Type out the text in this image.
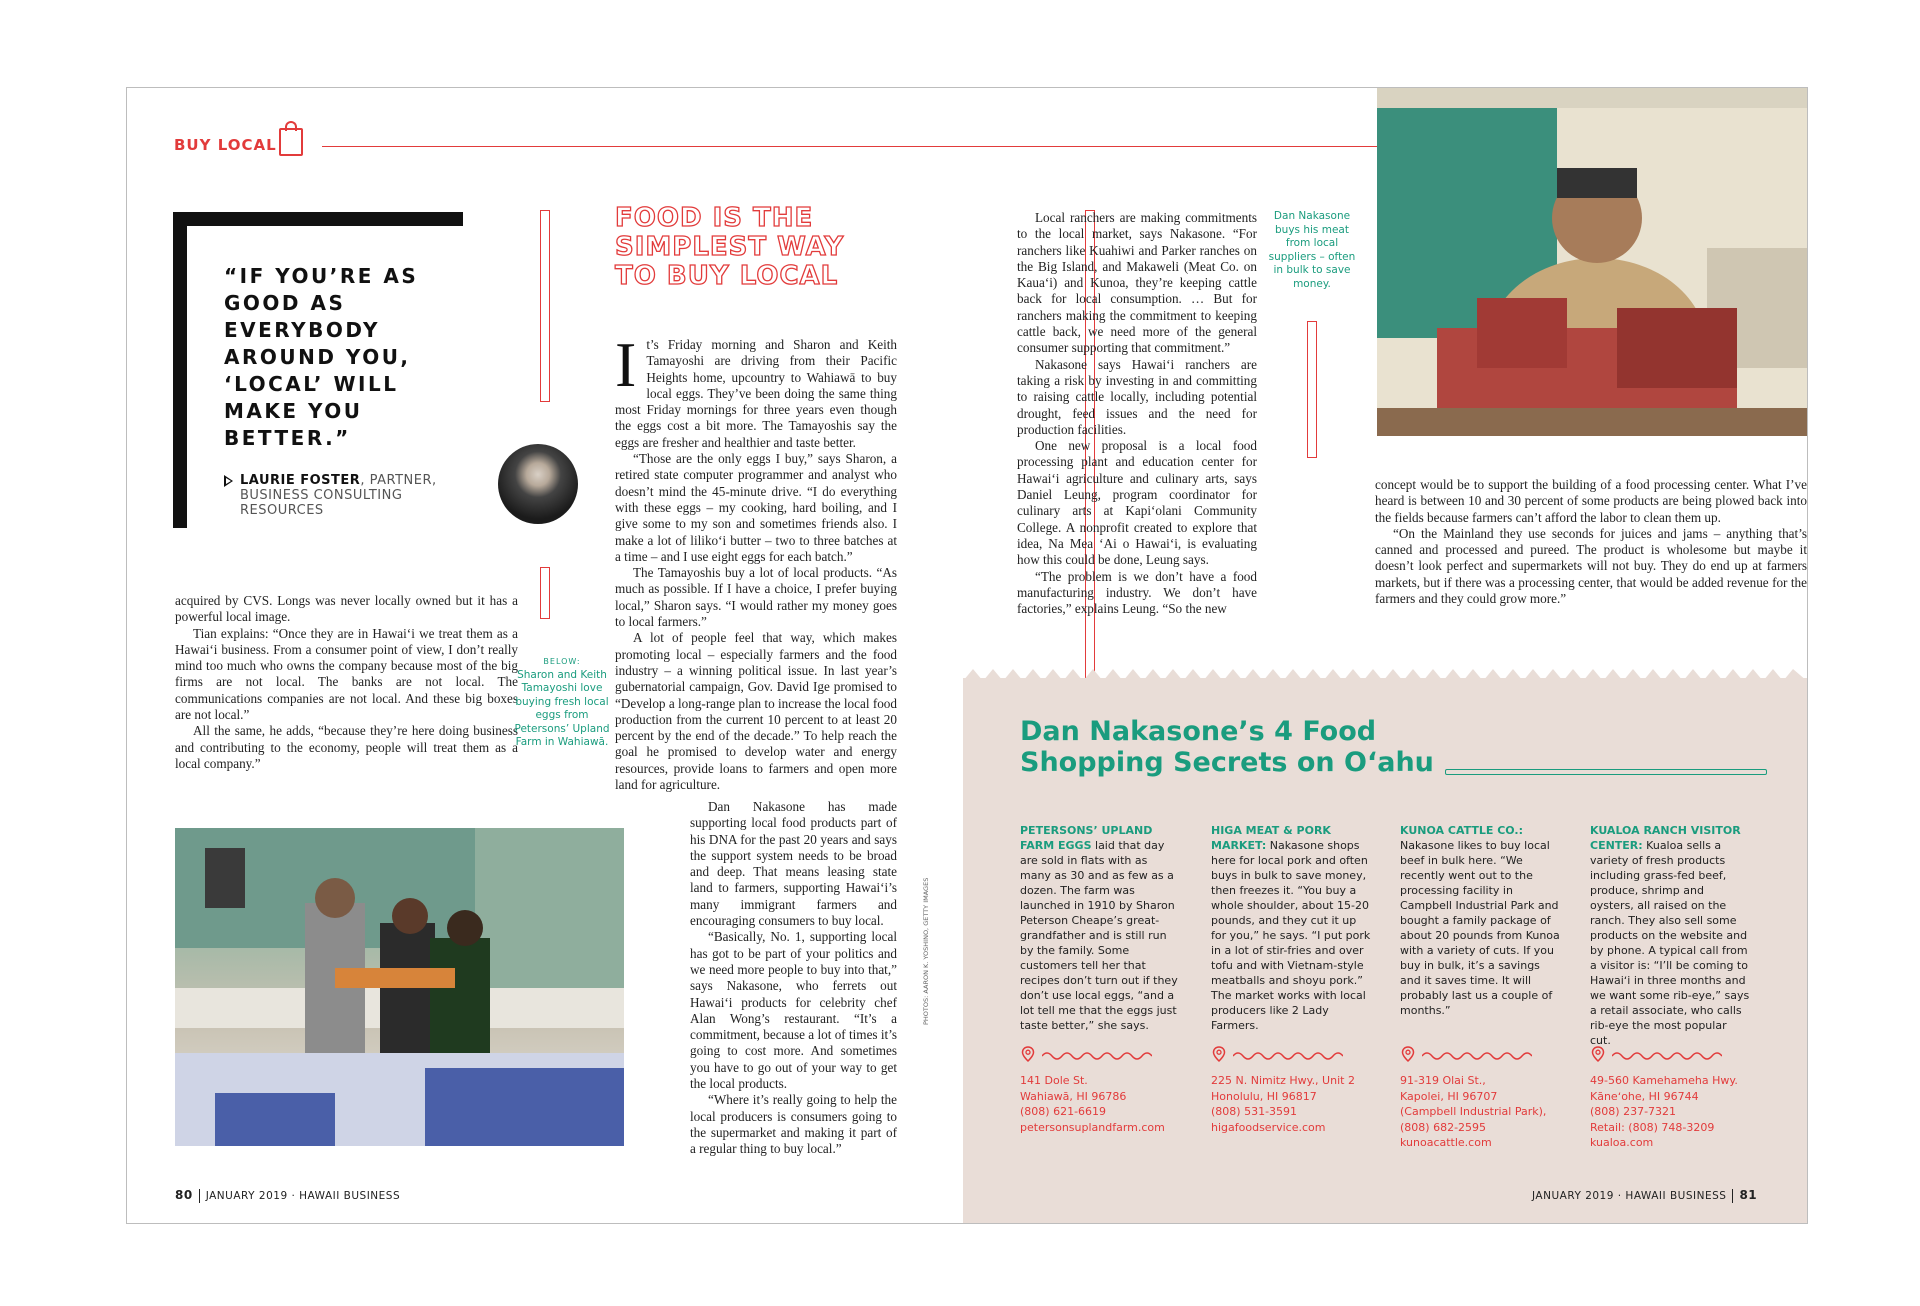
BUY LOCAL
“IF YOU’RE AS GOOD AS EVERYBODY AROUND YOU, ‘LOCAL’ WILL MAKE YOU BETTER.”
LAURIE FOSTER, PARTNER, BUSINESS CONSULTING RESOURCES
FOOD IS THE SIMPLEST WAY TO BUY LOCAL

acquired by CVS. Longs was never locally owned but it has a powerful local image.

Tian explains: “Once they are in Hawaiʻi we treat them as a Hawaiʻi business. From a consumer point of view, I don’t really mind too much who owns the company because most of the big firms are not local. The banks are not local. The communications companies are not local. And these big boxes are not local.”

All the same, he adds, “because they’re here doing business and contributing to the economy, people will treat them as a local company.”

BELOW:
Sharon and Keith Tamayoshi love buying fresh local eggs from Petersons’ Upland Farm in Wahiawā.
I t’s Friday morning and Sharon and Keith Tamayoshi are driving from their Pacific Heights home, upcountry to Wahiawā to buy local eggs. They’ve been doing the same thing most Friday mornings for three years even though the eggs cost a bit more. The Tamayoshis say the eggs are fresher and healthier and taste better.

“Those are the only eggs I buy,” says Sharon, a retired state computer programmer and analyst who doesn’t mind the 45-minute drive. “I do everything with these eggs – my cooking, hard boiling, and I give some to my son and sometimes friends also. I make a lot of lilikoʻi butter – two to three batches at a time – and I use eight eggs for each batch.”

The Tamayoshis buy a lot of local products. “As much as possible. If I have a choice, I prefer buying local,” Sharon says. “I would rather my money goes to local farmers.”

A lot of people feel that way, which makes promoting local – especially farmers and the food industry – a winning political issue. In last year’s gubernatorial campaign, Gov. David Ige promised to “Develop a long-range plan to increase the local food production from the current 10 percent to at least 20 percent by the end of the decade.” To help reach the goal he promised to develop water and energy resources, provide loans to farmers and open more land for agriculture.

Dan Nakasone has made supporting local food products part of his DNA for the past 20 years and says the support system needs to be broad and deep. That means leasing state land to farmers, supporting Hawaiʻi’s many immigrant farmers and encouraging consumers to buy local.

“Basically, No. 1, supporting local has got to be part of your politics and we need more people to buy into that,” says Nakasone, who ferrets out Hawaiʻi products for celebrity chef Alan Wong’s restaurant. “It’s a commitment, because a lot of times it’s going to cost more. And sometimes you have to go out of your way to get the local products.

“Where it’s really going to help the local producers is consumers going to the supermarket and making it part of a regular thing to buy local.”

PHOTOS: AARON K. YOSHINO, GETTY IMAGES

Local ranchers are making commitments to the local market, says Nakasone. “For ranchers like Kuahiwi and Parker ranches on the Big Island, and Makaweli (Meat Co. on Kauaʻi) and Kunoa, they’re keeping cattle back for local consumption. … But for ranchers making the commitment to keeping cattle back, we need more of the general consumer supporting that commitment.”

Nakasone says Hawaiʻi ranchers are taking a risk by investing in and committing to raising cattle locally, including potential drought, feed issues and the need for production facilities.

One new proposal is a local food processing plant and education center for Hawaiʻi agriculture and culinary arts, says Daniel Leung, program coordinator for culinary arts at Kapiʻolani Community College. A nonprofit created to explore that idea, Na Mea ʻAi o Hawaiʻi, is evaluating how this could be done, Leung says.

“The problem is we don’t have a food manufacturing industry. We don’t have factories,” explains Leung. “So the new

Dan Nakasone buys his meat from local suppliers – often in bulk to save money.

concept would be to support the building of a food processing center. What I’ve heard is between 10 and 30 percent of some products are being plowed back into the fields because farmers can’t afford the labor to clean them up.

“On the Mainland they use seconds for juices and jams – anything that’s canned and processed and pureed. The product is wholesome but maybe it doesn’t look perfect and supermarkets will not buy. They do end up at farmers markets, but if there was a processing center, that would be added revenue for the farmers and they could grow more.”

Dan Nakasone’s 4 Food
Shopping Secrets on Oʻahu
PETERSONS’ UPLAND FARM EGGS laid that day are sold in flats with as many as 30 and as few as a dozen. The farm was launched in 1910 by Sharon Peterson Cheape’s great-grandfather and is still run by the family. Some customers tell her that recipes don’t turn out if they don’t use local eggs, “and a lot tell me that the eggs just taste better,” she says.
HIGA MEAT & PORK MARKET: Nakasone shops here for local pork and often buys in bulk to save money, then freezes it. “You buy a whole shoulder, about 15-20 pounds, and they cut it up for you,” he says. “I put pork in a lot of stir-fries and over tofu and with Vietnam-style meatballs and shoyu pork.” The market works with local producers like 2 Lady Farmers.
KUNOA CATTLE CO.: Nakasone likes to buy local beef in bulk here. “We recently went out to the processing facility in Campbell Industrial Park and bought a family package of about 20 pounds from Kunoa with a variety of cuts. If you buy in bulk, it’s a savings and it saves time. It will probably last us a couple of months.”
KUALOA RANCH VISITOR CENTER: Kualoa sells a variety of fresh products including grass-fed beef, produce, shrimp and oysters, all raised on the ranch. They also sell some products on the website and by phone. A typical call from a visitor is: “I’ll be coming to Hawaiʻi in three months and we want some rib-eye,” says a retail associate, who calls rib-eye the most popular cut.
141 Dole St.
Wahiawā, HI 96786
(808) 621-6619
petersonsuplandfarm.com
225 N. Nimitz Hwy., Unit 2
Honolulu, HI 96817
(808) 531-3591
higafoodservice.com
91-319 Olai St.,
Kapolei, HI 96707
(Campbell Industrial Park),
(808) 682-2595
kunoacattle.com
49-560 Kamehameha Hwy.
Kāneʻohe, HI 96744
(808) 237-7321
Retail: (808) 748-3209
kualoa.com
80 JANUARY 2019 · HAWAII BUSINESS	JANUARY 2019 · HAWAII BUSINESS 81
